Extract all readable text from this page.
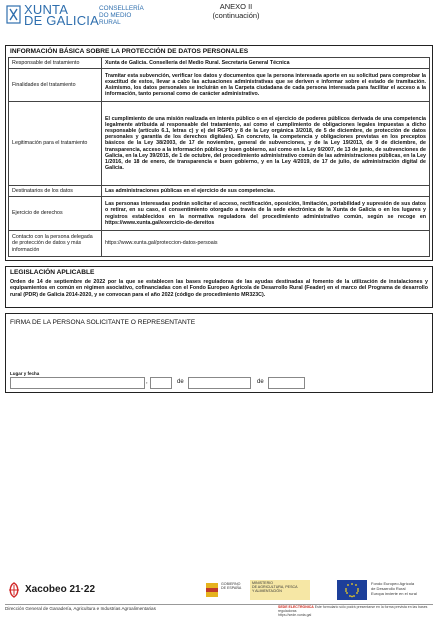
XUNTA
DE GALICIA
CONSELLERÍA
DO MEDIO
RURAL
ANEXO II
(continuación)
INFORMACIÓN BÁSICA SOBRE LA PROTECCIÓN DE DATOS PERSONALES
Responsable del tratamiento	Xunta de Galicia. Consellería del Medio Rural. Secretaría General Técnica
Finalidades del tratamiento	Tramitar esta subvención, verificar los datos y documentos que la persona interesada aporte en su solicitud para comprobar la exactitud de estos, llevar a cabo las actuaciones administrativas que se deriven e informar sobre el estado de tramitación. Asimismo, los datos personales se incluirán en la Carpeta ciudadana de cada persona interesada para facilitar el acceso a la información, tanto personal como de carácter administrativo.
Legitimación para el tratamiento	El cumplimiento de una misión realizada en interés público o en el ejercicio de poderes públicos derivada de una competencia legalmente atribuida al responsable del tratamiento, así como el cumplimiento de obligaciones legales impuestas a dicho responsable (artículo 6.1, letras c) y e) del RGPD y 8 de la Ley orgánica 3/2018, de 5 de diciembre, de protección de datos personales y garantía de los derechos digitales). En concreto, la competencia y obligaciones previstas en los preceptos básicos de la Ley 38/2003, de 17 de noviembre, general de subvenciones, y de la Ley 19/2013, de 9 de diciembre, de transparencia, acceso a la información pública y buen gobierno, así como en la Ley 9/2007, de 13 de junio, de subvenciones de Galicia, en la Ley 39/2015, de 1 de octubre, del procedimiento administrativo común de las administraciones públicas, en la Ley 1/2016, de 18 de enero, de transparencia e buen gobierno, y en la Ley 4/2019, de 17 de julio, de administración digital de Galicia.
Destinatarios de los datos	Las administraciones públicas en el ejercicio de sus competencias.
Ejercicio de derechos	Las personas interesadas podrán solicitar el acceso, rectificación, oposición, limitación, portabilidad y supresión de sus datos o retirar, en su caso, el consentimiento otorgado a través de la sede electrónica de la Xunta de Galicia o en los lugares y registros establecidos en la normativa reguladora del procedimiento administrativo común, según se recoge en https://www.xunta.gal/exercicio-de-dereitos
Contacto con la persona delegada de protección de datos y más información	https://www.xunta.gal/proteccion-datos-persoais
LEGISLACIÓN APLICABLE
Orden de 14 de septiembre de 2022 por la que se establecen las bases reguladoras de las ayudas destinadas al fomento de la utilización de instalaciones y equipamientos en común en régimen asociativo, cofinanciadas con el Fondo Europeo Agrícola de Desarrollo Rural (Feader) en el marco del Programa de desarrollo rural (PDR) de Galicia 2014-2020, y se convocan para el año 2022 (código de procedimiento MR323C).
FIRMA DE LA PERSONA SOLICITANTE O REPRESENTANTE
Lugar y fecha
,	de	de
Xacobeo 21·22	GOBIERNO
DE ESPAÑA
MINISTERIO
DE AGRICULTURA, PESCA
Y ALIMENTACIÓN
Fondo Europeo Agrícola
de Desarrollo Rural
Europa invierte en el rural
Dirección General de Ganadería, Agricultura e Industrias Agroalimentarias	SEDE ELECTRÓNICA Este formulario sólo podrá presentarse en la forma prevista en las bases reguladoras
https://sede.xunta.gal
